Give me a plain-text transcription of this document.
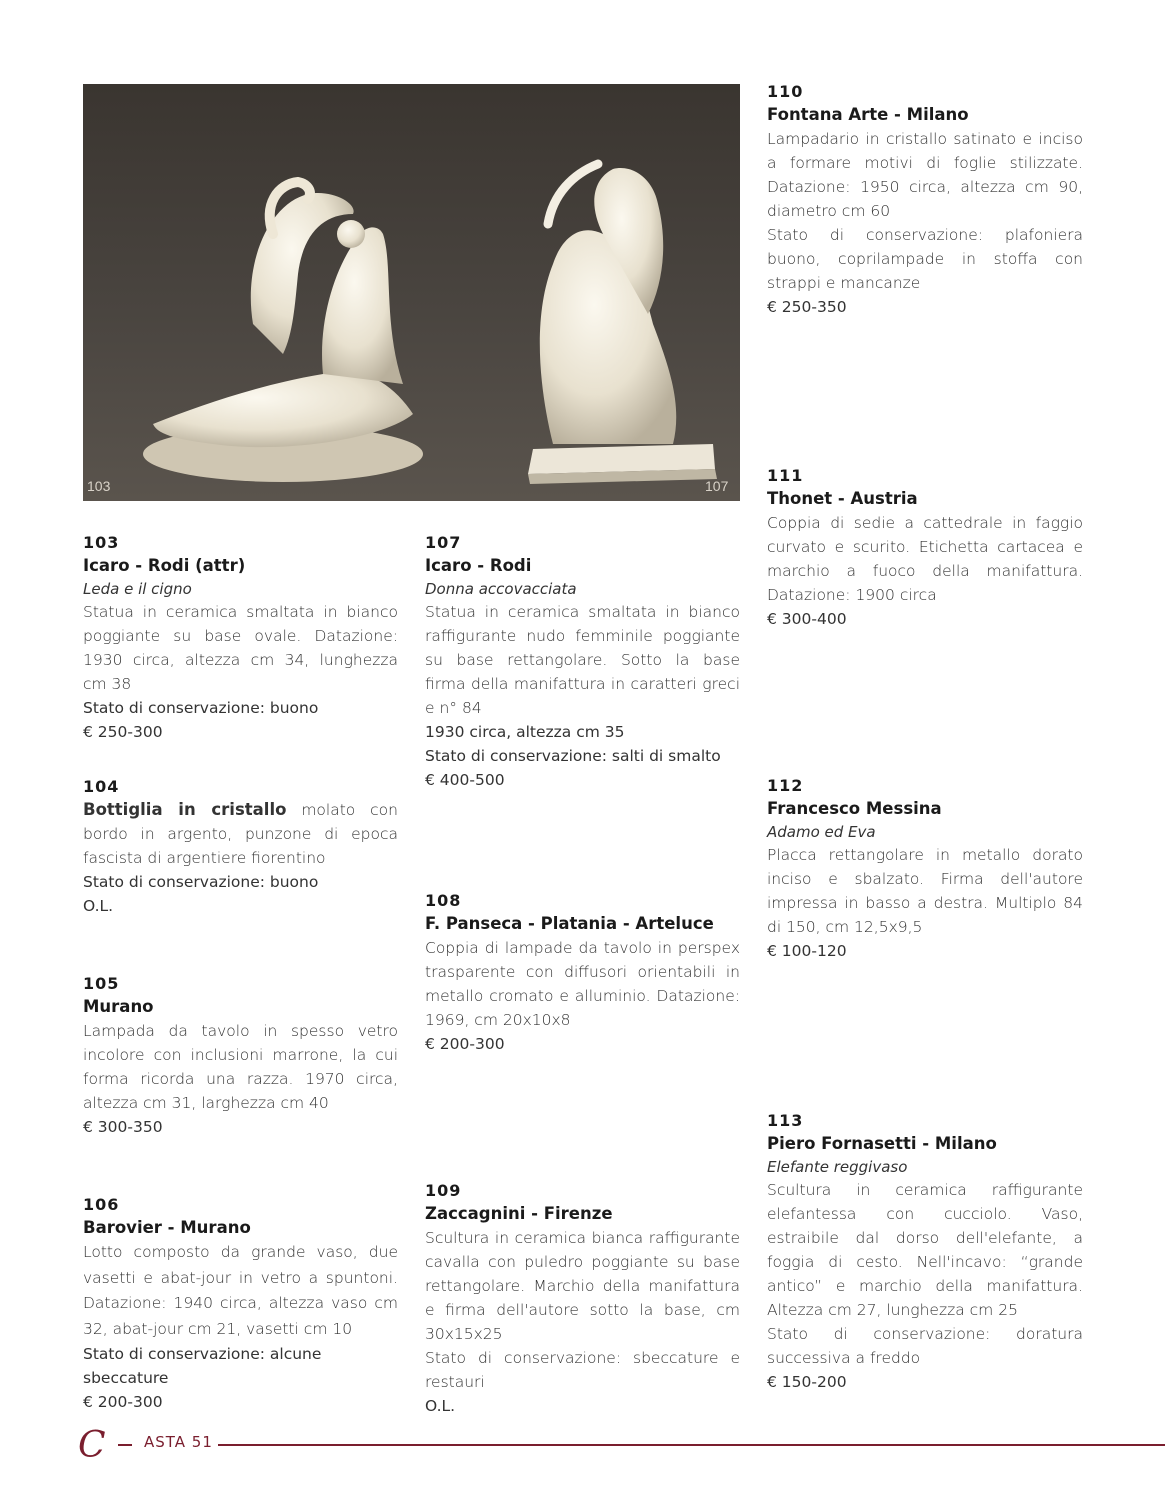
103	107
103
Icaro - Rodi (attr)
Leda e il cigno
Statua in ceramica smaltata in bianco poggiante su base ovale. Datazione: 1930 circa, altezza cm 34, lunghezza cm 38
Stato di conservazione: buono
€ 250-300
104
Bottiglia in cristallo molato con bordo in argento, punzone di epoca fascista di argentiere fiorentino
Stato di conservazione: buono
O.L.
105
Murano
Lampada da tavolo in spesso vetro incolore con inclusioni marrone, la cui forma ricorda una razza. 1970 circa, altezza cm 31, larghezza cm 40
€ 300-350
106
Barovier - Murano
Lotto composto da grande vaso, due vasetti e abat-jour in vetro a spuntoni. Datazione: 1940 circa, altezza vaso cm 32, abat-jour cm 21, vasetti cm 10
Stato di conservazione: alcune sbeccature
€ 200-300
107
Icaro - Rodi
Donna accovacciata
Statua in ceramica smaltata in bianco raffigurante nudo femminile poggiante su base rettangolare. Sotto la base firma della manifattura in caratteri greci e n° 84
1930 circa, altezza cm 35
Stato di conservazione: salti di smalto
€ 400-500
108
F. Panseca - Platania - Arteluce
Coppia di lampade da tavolo in perspex trasparente con diffusori orientabili in metallo cromato e alluminio. Datazione: 1969, cm 20x10x8
€ 200-300
109
Zaccagnini - Firenze
Scultura in ceramica bianca raffigurante cavalla con puledro poggiante su base rettangolare. Marchio della manifattura e firma dell'autore sotto la base, cm 30x15x25
Stato di conservazione: sbeccature e restauri
O.L.
110
Fontana Arte - Milano
Lampadario in cristallo satinato e inciso a formare motivi di foglie stilizzate. Datazione: 1950 circa, altezza cm 90, diametro cm 60
Stato di conservazione: plafoniera buono, coprilampade in stoffa con strappi e mancanze
€ 250-350
111
Thonet - Austria
Coppia di sedie a cattedrale in faggio curvato e scurito. Etichetta cartacea e marchio a fuoco della manifattura. Datazione: 1900 circa
€ 300-400
112
Francesco Messina
Adamo ed Eva
Placca rettangolare in metallo dorato inciso e sbalzato. Firma dell'autore impressa in basso a destra. Multiplo 84 di 150, cm 12,5x9,5
€ 100-120
113
Piero Fornasetti - Milano
Elefante reggivaso
Scultura in ceramica raffigurante elefantessa con cucciolo. Vaso, estraibile dal dorso dell'elefante, a foggia di cesto. Nell'incavo: “grande antico” e marchio della manifattura. Altezza cm 27, lunghezza cm 25
Stato di conservazione: doratura successiva a freddo
€ 150-200
C	ASTA 51
